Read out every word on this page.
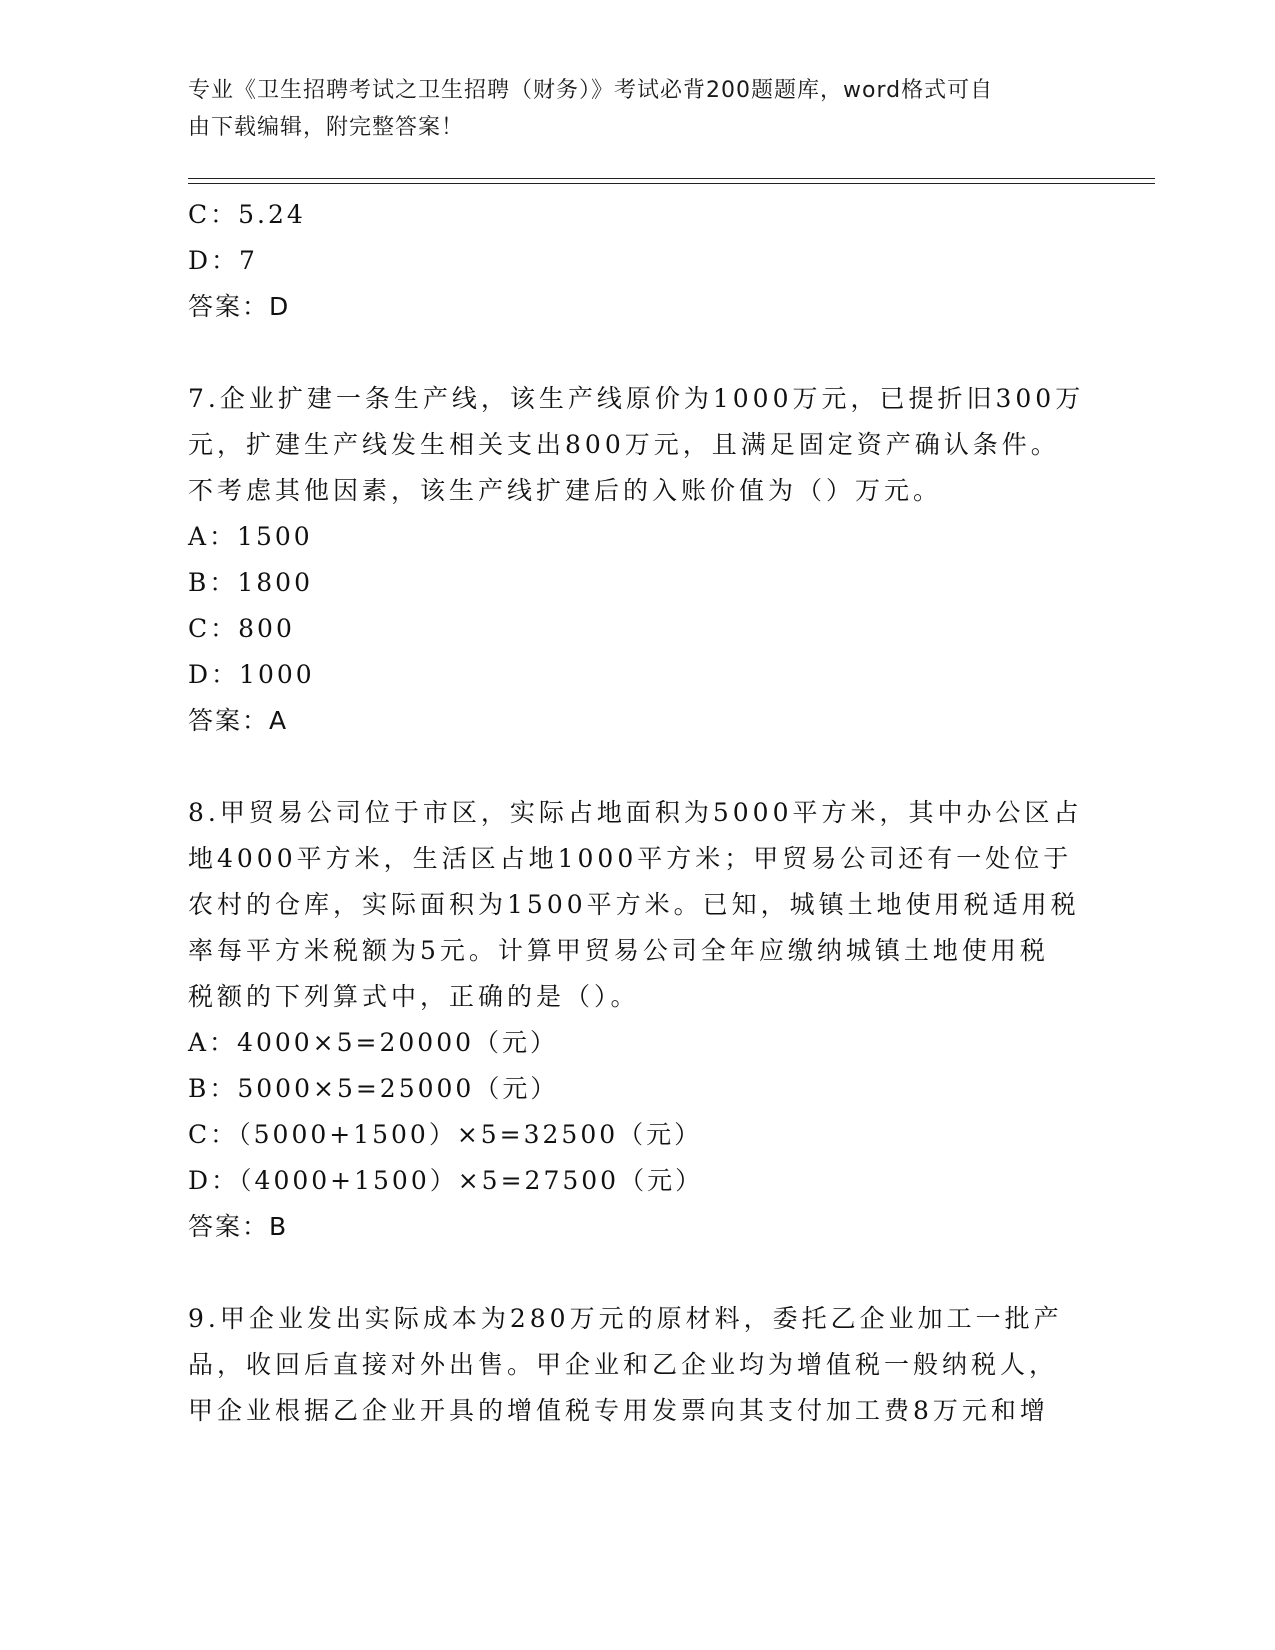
专业《卫生招聘考试之卫生招聘（财务）》考试必背200题题库，word格式可自
由下载编辑，附完整答案！
C：5.24
D：7
答案：D
7.企业扩建一条生产线，该生产线原价为1000万元，已提折旧300万
元，扩建生产线发生相关支出800万元，且满足固定资产确认条件。
不考虑其他因素，该生产线扩建后的入账价值为（）万元。
A：1500
B：1800
C：800
D：1000
答案：A
8.甲贸易公司位于市区，实际占地面积为5000平方米，其中办公区占
地4000平方米，生活区占地1000平方米；甲贸易公司还有一处位于
农村的仓库，实际面积为1500平方米。已知，城镇土地使用税适用税
率每平方米税额为5元。计算甲贸易公司全年应缴纳城镇土地使用税
税额的下列算式中，正确的是（）。
A：4000×5=20000（元）
B：5000×5=25000（元）
C：（5000+1500）×5=32500（元）
D：（4000+1500）×5=27500（元）
答案：B
9.甲企业发出实际成本为280万元的原材料，委托乙企业加工一批产
品，收回后直接对外出售。甲企业和乙企业均为增值税一般纳税人，
甲企业根据乙企业开具的增值税专用发票向其支付加工费8万元和增
